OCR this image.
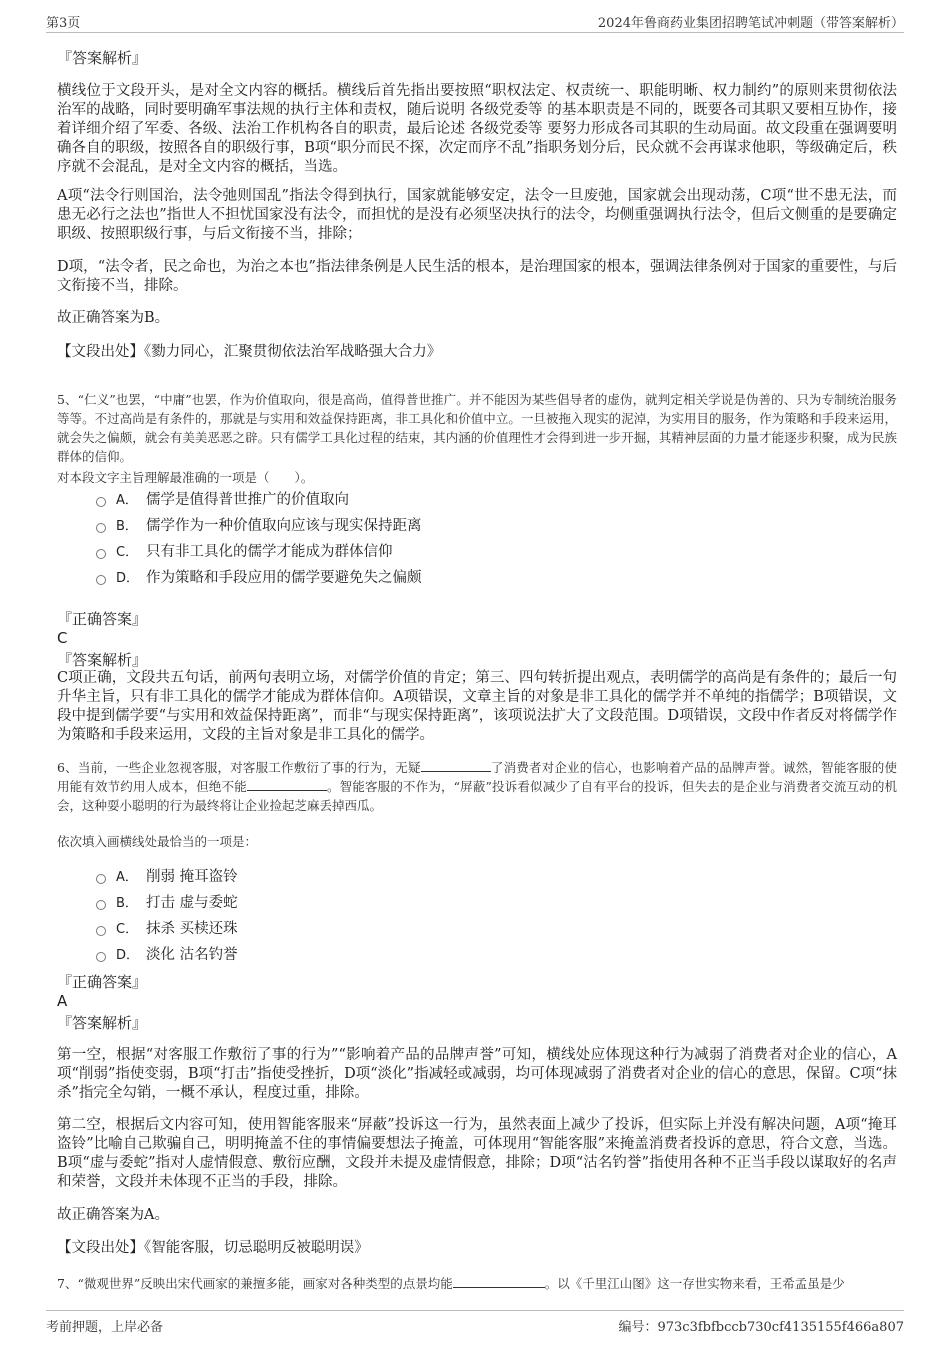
第3页	2024年鲁商药业集团招聘笔试冲刺题（带答案解析）
『答案解析』

横线位于文段开头，是对全文内容的概括。横线后首先指出要按照“职权法定、权责统一、职能明晰、权力制约”的原则来贯彻依法治军的战略，同时要明确军事法规的执行主体和责权，随后说明 各级党委等 的基本职责是不同的，既要各司其职又要相互协作，接着详细介绍了军委、各级、法治工作机构各自的职责，最后论述 各级党委等 要努力形成各司其职的生动局面。故文段重在强调要明确各自的职级，按照各自的职级行事，B项“职分而民不探，次定而序不乱”指职务划分后，民众就不会再谋求他职，等级确定后，秩序就不会混乱，是对全文内容的概括，当选。

A项“法令行则国治，法令弛则国乱”指法令得到执行，国家就能够安定，法令一旦废弛，国家就会出现动荡，C项“世不患无法，而患无必行之法也”指世人不担忧国家没有法令，而担忧的是没有必须坚决执行的法令，均侧重强调执行法令，但后文侧重的是要确定职级、按照职级行事，与后文衔接不当，排除；

D项，“法令者，民之命也，为治之本也”指法律条例是人民生活的根本，是治理国家的根本，强调法律条例对于国家的重要性，与后文衔接不当，排除。

故正确答案为B。

【文段出处】《勠力同心，汇聚贯彻依法治军战略强大合力》

5、“仁义”也罢，“中庸”也罢，作为价值取向，很是高尚，值得普世推广。并不能因为某些倡导者的虚伪，就判定相关学说是伪善的、只为专制统治服务等等。不过高尚是有条件的，那就是与实用和效益保持距离，非工具化和价值中立。一旦被拖入现实的泥淖，为实用目的服务，作为策略和手段来运用，就会失之偏颇，就会有美美恶恶之辟。只有儒学工具化过程的结束，其内涵的价值理性才会得到进一步开掘，其精神层面的力量才能逐步积聚，成为民族群体的信仰。

对本段文字主旨理解最准确的一项是（　　）。

A． 儒学是值得普世推广的价值取向
B． 儒学作为一种价值取向应该与现实保持距离
C． 只有非工具化的儒学才能成为群体信仰
D． 作为策略和手段应用的儒学要避免失之偏颇
『正确答案』
C
『答案解析』

C项正确，文段共五句话，前两句表明立场，对儒学价值的肯定；第三、四句转折提出观点，表明儒学的高尚是有条件的；最后一句升华主旨，只有非工具化的儒学才能成为群体信仰。A项错误，文章主旨的对象是非工具化的儒学并不单纯的指儒学；B项错误，文段中提到儒学要“与实用和效益保持距离”，而非“与现实保持距离”，该项说法扩大了文段范围。D项错误，文段中作者反对将儒学作为策略和手段来运用，文段的主旨对象是非工具化的儒学。

6、当前，一些企业忽视客服，对客服工作敷衍了事的行为，无疑	了消费者对企业的信心，也影响着产品的品牌声誉。诚然，智能客服的使用能有效节约用人成本，但绝不能	。智能客服的不作为，“屏蔽”投诉看似减少了自有平台的投诉，但失去的是企业与消费者交流互动的机会，这种耍小聪明的行为最终将让企业捡起芝麻丢掉西瓜。

依次填入画横线处最恰当的一项是：

A． 削弱 掩耳盗铃
B． 打击 虚与委蛇
C． 抹杀 买椟还珠
D． 淡化 沽名钓誉
『正确答案』
A
『答案解析』

第一空，根据“对客服工作敷衍了事的行为”“影响着产品的品牌声誉”可知，横线处应体现这种行为减弱了消费者对企业的信心，A项“削弱”指使变弱，B项“打击”指使受挫折，D项“淡化”指减轻或减弱，均可体现减弱了消费者对企业的信心的意思，保留。C项“抹杀”指完全勾销，一概不承认，程度过重，排除。

第二空，根据后文内容可知，使用智能客服来“屏蔽”投诉这一行为，虽然表面上减少了投诉，但实际上并没有解决问题，A项“掩耳盗铃”比喻自己欺骗自己，明明掩盖不住的事情偏要想法子掩盖，可体现用“智能客服”来掩盖消费者投诉的意思，符合文意，当选。B项“虚与委蛇”指对人虚情假意、敷衍应酬，文段并未提及虚情假意，排除；D项“沽名钓誉”指使用各种不正当手段以谋取好的名声和荣誉，文段并未体现不正当的手段，排除。

故正确答案为A。

【文段出处】《智能客服，切忌聪明反被聪明误》

7、“微观世界”反映出宋代画家的兼擅多能，画家对各种类型的点景均能	。以《千里江山图》这一存世实物来看，王希孟虽是少

考前押题，上岸必备	编号：973c3fbfbccb730cf4135155f466a807
